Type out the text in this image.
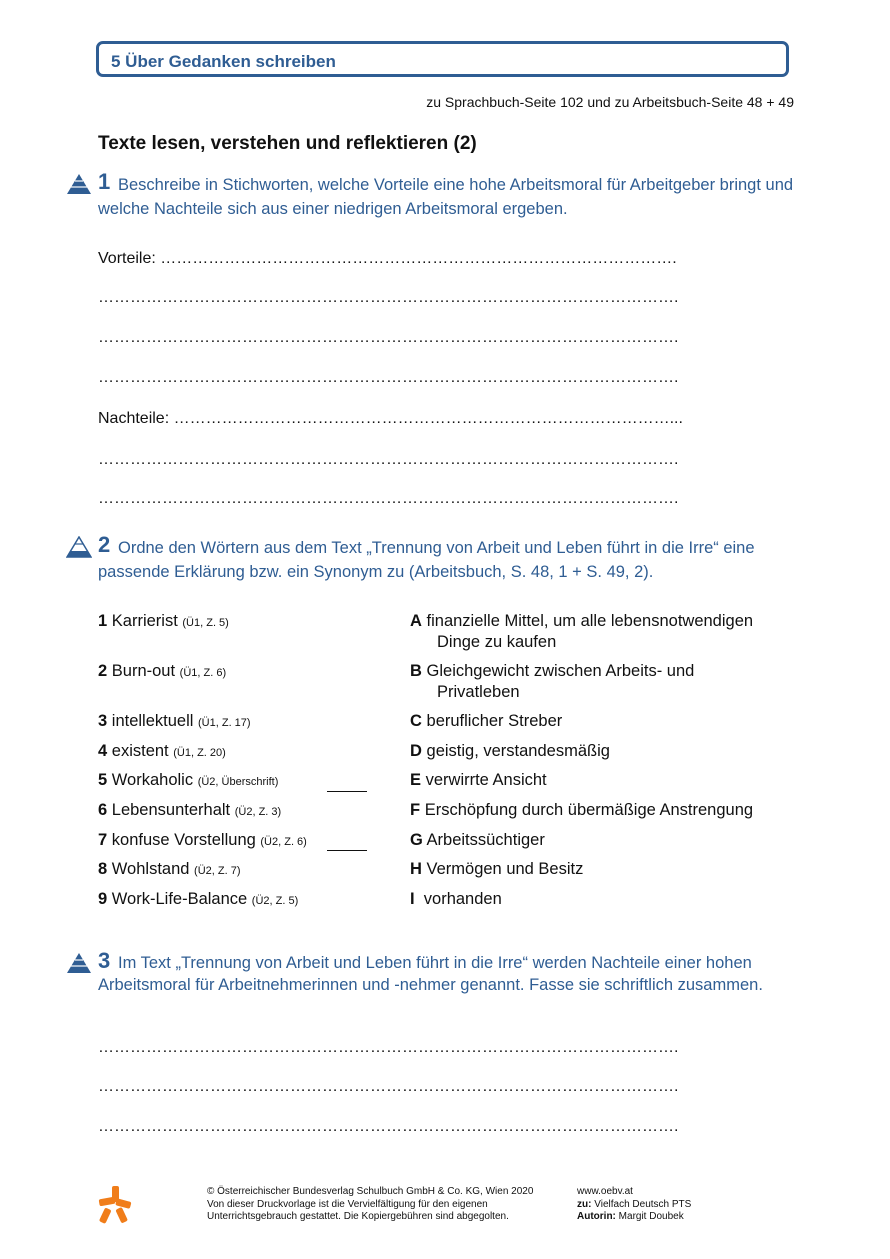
5 Über Gedanken schreiben
zu Sprachbuch-Seite 102 und zu Arbeitsbuch-Seite 48 + 49
Texte lesen, verstehen und reflektieren (2)
1 Beschreibe in Stichworten, welche Vorteile eine hohe Arbeitsmoral für Arbeitgeber bringt und welche Nachteile sich aus einer niedrigen Arbeitsmoral ergeben.
Vorteile: …………………………………………………………………………………….
……………………………………………………………………………………………….
……………………………………………………………………………………………….
……………………………………………………………………………………………….
Nachteile: …………………………………………………………………………………...
……………………………………………………………………………………………….
……………………………………………………………………………………………….
2 Ordne den Wörtern aus dem Text „Trennung von Arbeit und Leben führt in die Irre“ eine passende Erklärung bzw. ein Synonym zu (Arbeitsbuch, S. 48, 1 + S. 49, 2).
1 Karrierist (Ü1, Z. 5)
2 Burn-out (Ü1, Z. 6)
3 intellektuell (Ü1, Z. 17)
4 existent (Ü1, Z. 20)
5 Workaholic (Ü2, Überschrift)
6 Lebensunterhalt (Ü2, Z. 3)
7 konfuse Vorstellung (Ü2, Z. 6)
8 Wohlstand (Ü2, Z. 7)
9 Work-Life-Balance (Ü2, Z. 5)
A finanzielle Mittel, um alle lebensnotwendigen
Dinge zu kaufen
B Gleichgewicht zwischen Arbeits- und
Privatleben
C beruflicher Streber
D geistig, verstandesmäßig
E verwirrte Ansicht
F Erschöpfung durch übermäßige Anstrengung
G Arbeitssüchtiger
H Vermögen und Besitz
I  vorhanden
3 Im Text „Trennung von Arbeit und Leben führt in die Irre“ werden Nachteile einer hohen Arbeitsmoral für Arbeitnehmerinnen und -nehmer genannt. Fasse sie schriftlich zusammen.
……………………………………………………………………………………………….
……………………………………………………………………………………………….
……………………………………………………………………………………………….
© Österreichischer Bundesverlag Schulbuch GmbH & Co. KG, Wien 2020
Von dieser Druckvorlage ist die Vervielfältigung für den eigenen
Unterrichtsgebrauch gestattet. Die Kopiergebühren sind abgegolten.
www.oebv.at
zu: Vielfach Deutsch PTS
Autorin: Margit Doubek
